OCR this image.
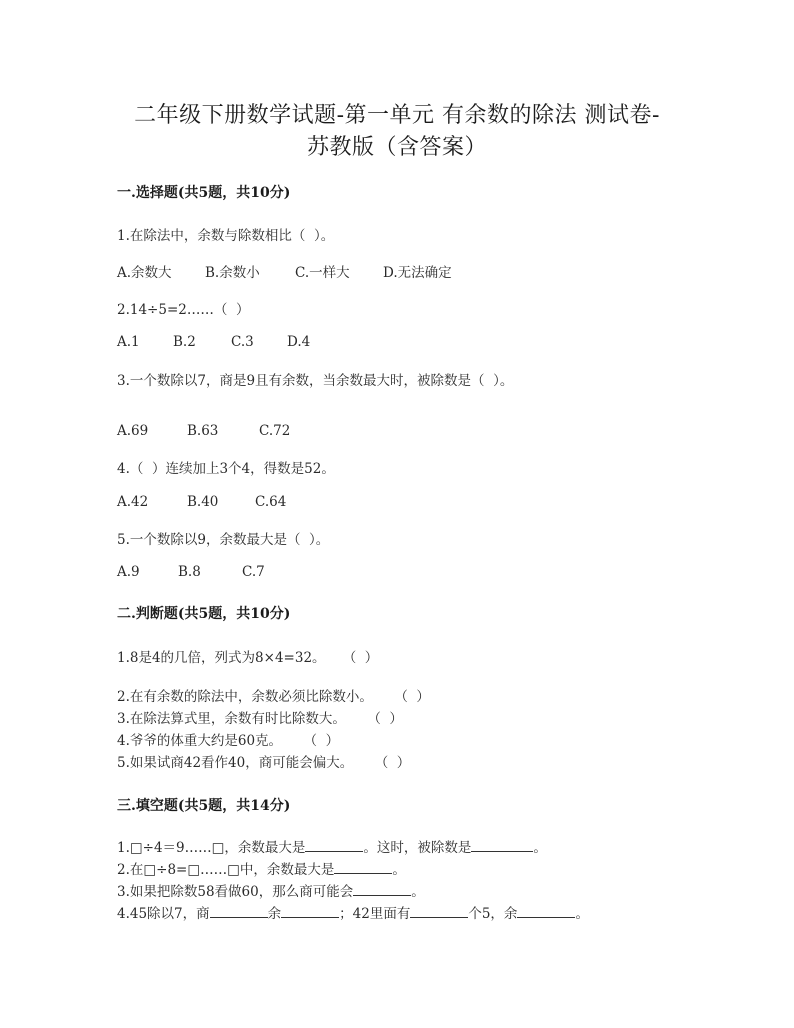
二年级下册数学试题-第一单元 有余数的除法 测试卷-
苏教版（含答案）
一.选择题(共5题，共10分)
1.在除法中，余数与除数相比（  ）。
A.余数大 B.余数小	C.一样大 D.无法确定
2.14÷5=2……（  ）
A.1 B.2	C.3 D.4
3.一个数除以7，商是9且有余数，当余数最大时，被除数是（  ）。
A.69	B.63	C.72
4.（  ）连续加上3个4，得数是52。
A.42	B.40	C.64
5.一个数除以9，余数最大是（  ）。
A.9	B.8	C.7
二.判断题(共5题，共10分)
1.8是4的几倍，列式为8×4=32。    （  ）
2.在有余数的除法中，余数必须比除数小。     （  ）
3.在除法算式里，余数有时比除数大。     （  ）
4.爷爷的体重大约是60克。     （  ）
5.如果试商42看作40，商可能会偏大。     （  ）
三.填空题(共5题，共14分)
1.□÷4＝9……□，余数最大是	。这时，被除数是	。
2.在□÷8=□……□中，余数最大是	。
3.如果把除数58看做60，那么商可能会	。
4.45除以7，商	余	；42里面有	个5，余	。
